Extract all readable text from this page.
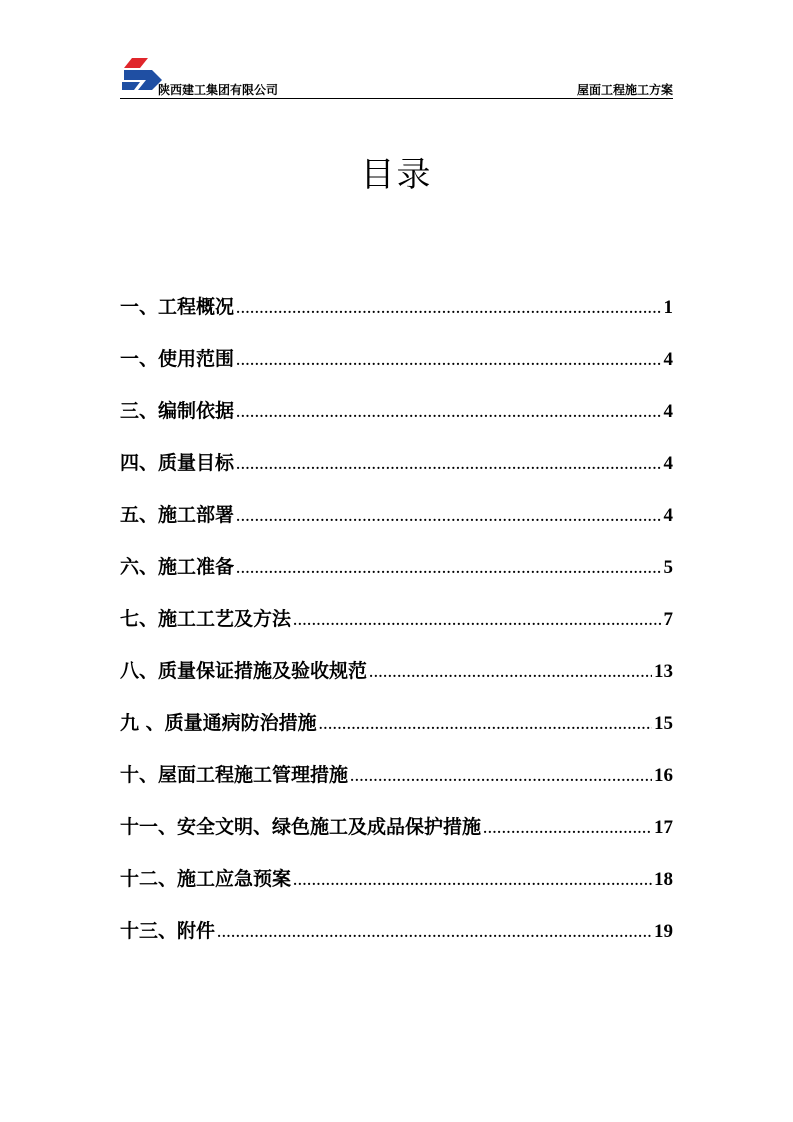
陕西建工集团有限公司	屋面工程施工方案
目录
一、工程概况 .....	1
一、使用范围 .....	4
三、编制依据 .....	4
四、质量目标 .....	4
五、施工部署 .....	4
六、施工准备 .....	5
七、施工工艺及方法 .....	7
八、质量保证措施及验收规范 .....	13
九 、质量通病防治措施 .....	15
十、屋面工程施工管理措施 .....	16
十一、安全文明、绿色施工及成品保护措施 .....	17
十二、施工应急预案 .....	18
十三、附件 .....	19
